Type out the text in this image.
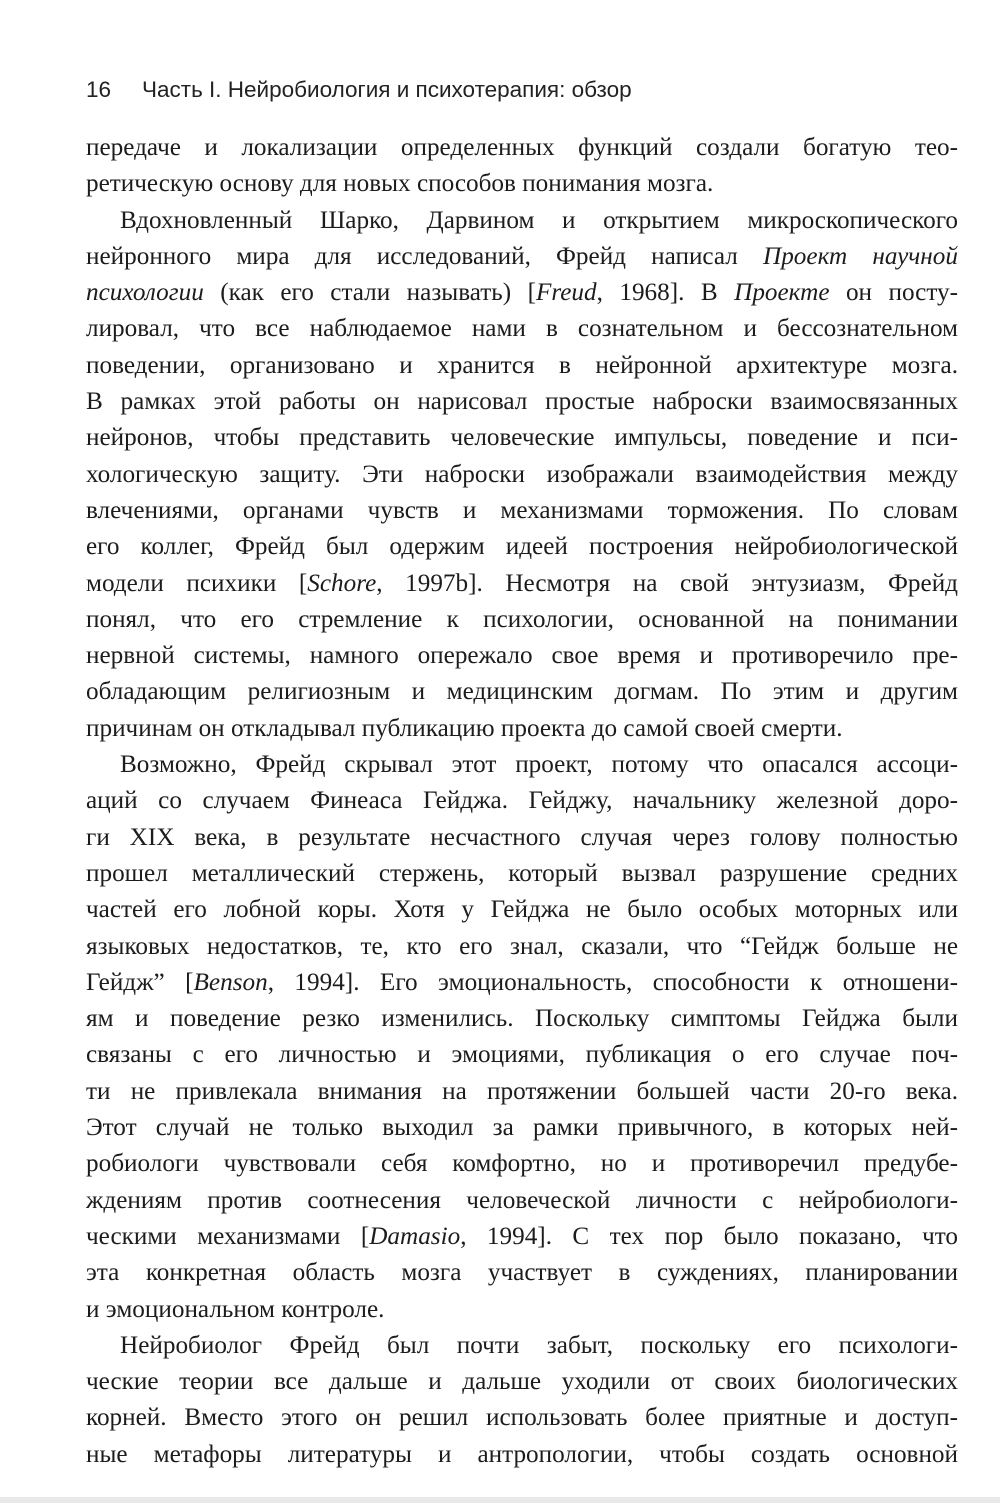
16 Часть I. Нейробиология и психотерапия: обзор
передаче и локализации определенных функций создали богатую тео-
ретическую основу для новых способов понимания мозга.
Вдохновленный Шарко, Дарвином и открытием микроскопического
нейронного мира для исследований, Фрейд написал Проект научной
психологии (как его стали называть) [Freud, 1968]. В Проекте он посту-
лировал, что все наблюдаемое нами в сознательном и бессознательном
поведении, организовано и хранится в нейронной архитектуре мозга.
В рамках этой работы он нарисовал простые наброски взаимосвязанных
нейронов, чтобы представить человеческие импульсы, поведение и пси-
хологическую защиту. Эти наброски изображали взаимодействия между
влечениями, органами чувств и механизмами торможения. По словам
его коллег, Фрейд был одержим идеей построения нейробиологической
модели психики [Schore, 1997b]. Несмотря на свой энтузиазм, Фрейд
понял, что его стремление к психологии, основанной на понимании
нервной системы, намного опережало свое время и противоречило пре-
обладающим религиозным и медицинским догмам. По этим и другим
причинам он откладывал публикацию проекта до самой своей смерти.
Возможно, Фрейд скрывал этот проект, потому что опасался ассоци-
аций со случаем Финеаса Гейджа. Гейджу, начальнику железной доро-
ги XIX века, в результате несчастного случая через голову полностью
прошел металлический стержень, который вызвал разрушение средних
частей его лобной коры. Хотя у Гейджа не было особых моторных или
языковых недостатков, те, кто его знал, сказали, что “Гейдж больше не
Гейдж” [Benson, 1994]. Его эмоциональность, способности к отношени-
ям и поведение резко изменились. Поскольку симптомы Гейджа были
связаны с его личностью и эмоциями, публикация о его случае поч-
ти не привлекала внимания на протяжении большей части 20-го века.
Этот случай не только выходил за рамки привычного, в которых ней-
робиологи чувствовали себя комфортно, но и противоречил предубе-
ждениям против соотнесения человеческой личности с нейробиологи-
ческими механизмами [Damasio, 1994]. С тех пор было показано, что
эта конкретная область мозга участвует в суждениях, планировании
и эмоциональном контроле.
Нейробиолог Фрейд был почти забыт, поскольку его психологи-
ческие теории все дальше и дальше уходили от своих биологических
корней. Вместо этого он решил использовать более приятные и доступ-
ные метафоры литературы и антропологии, чтобы создать основной
